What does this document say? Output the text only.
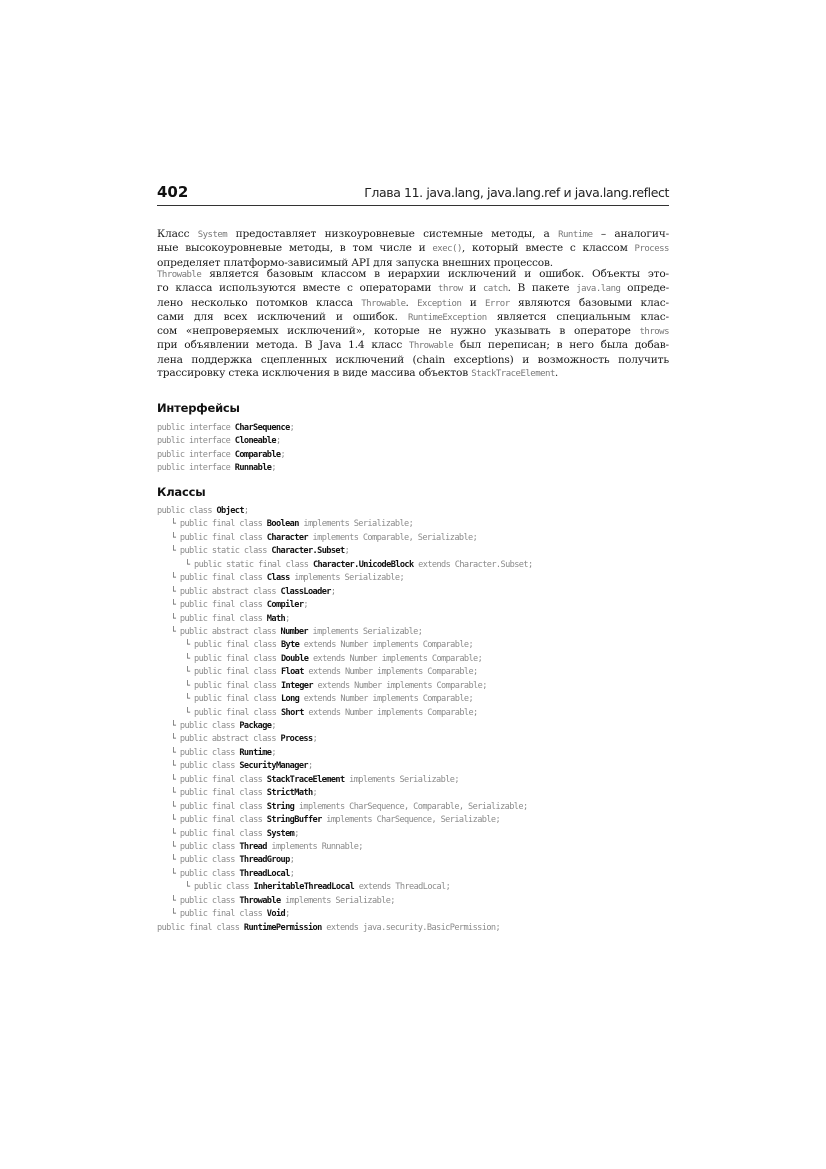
402	Глава 11. java.lang, java.lang.ref и java.lang.reflect
Класс System предоставляет низкоуровневые системные методы, а Runtime – аналогич-
ные высокоуровневые методы, в том числе и exec(), который вместе с классом Process
определяет платформо-зависимый API для запуска внешних процессов.
Throwable является базовым классом в иерархии исключений и ошибок. Объекты это-
го класса используются вместе с операторами throw и catch. В пакете java.lang опреде-
лено несколько потомков класса Throwable. Exception и Error являются базовыми клас-
сами для всех исключений и ошибок. RuntimeException является специальным клас-
сом «непроверяемых исключений», которые не нужно указывать в операторе throws
при объявлении метода. В Java 1.4 класс Throwable был переписан; в него была добав-
лена поддержка сцепленных исключений (chain exceptions) и возможность получить
трассировку стека исключения в виде массива объектов StackTraceElement.
Интерфейсы
public interface CharSequence;
public interface Cloneable;
public interface Comparable;
public interface Runnable;
Классы
public class Object;
└ public final class Boolean implements Serializable;
└ public final class Character implements Comparable, Serializable;
└ public static class Character.Subset;
└ public static final class Character.UnicodeBlock extends Character.Subset;
└ public final class Class implements Serializable;
└ public abstract class ClassLoader;
└ public final class Compiler;
└ public final class Math;
└ public abstract class Number implements Serializable;
└ public final class Byte extends Number implements Comparable;
└ public final class Double extends Number implements Comparable;
└ public final class Float extends Number implements Comparable;
└ public final class Integer extends Number implements Comparable;
└ public final class Long extends Number implements Comparable;
└ public final class Short extends Number implements Comparable;
└ public class Package;
└ public abstract class Process;
└ public class Runtime;
└ public class SecurityManager;
└ public final class StackTraceElement implements Serializable;
└ public final class StrictMath;
└ public final class String implements CharSequence, Comparable, Serializable;
└ public final class StringBuffer implements CharSequence, Serializable;
└ public final class System;
└ public class Thread implements Runnable;
└ public class ThreadGroup;
└ public class ThreadLocal;
└ public class InheritableThreadLocal extends ThreadLocal;
└ public class Throwable implements Serializable;
└ public final class Void;
public final class RuntimePermission extends java.security.BasicPermission;
